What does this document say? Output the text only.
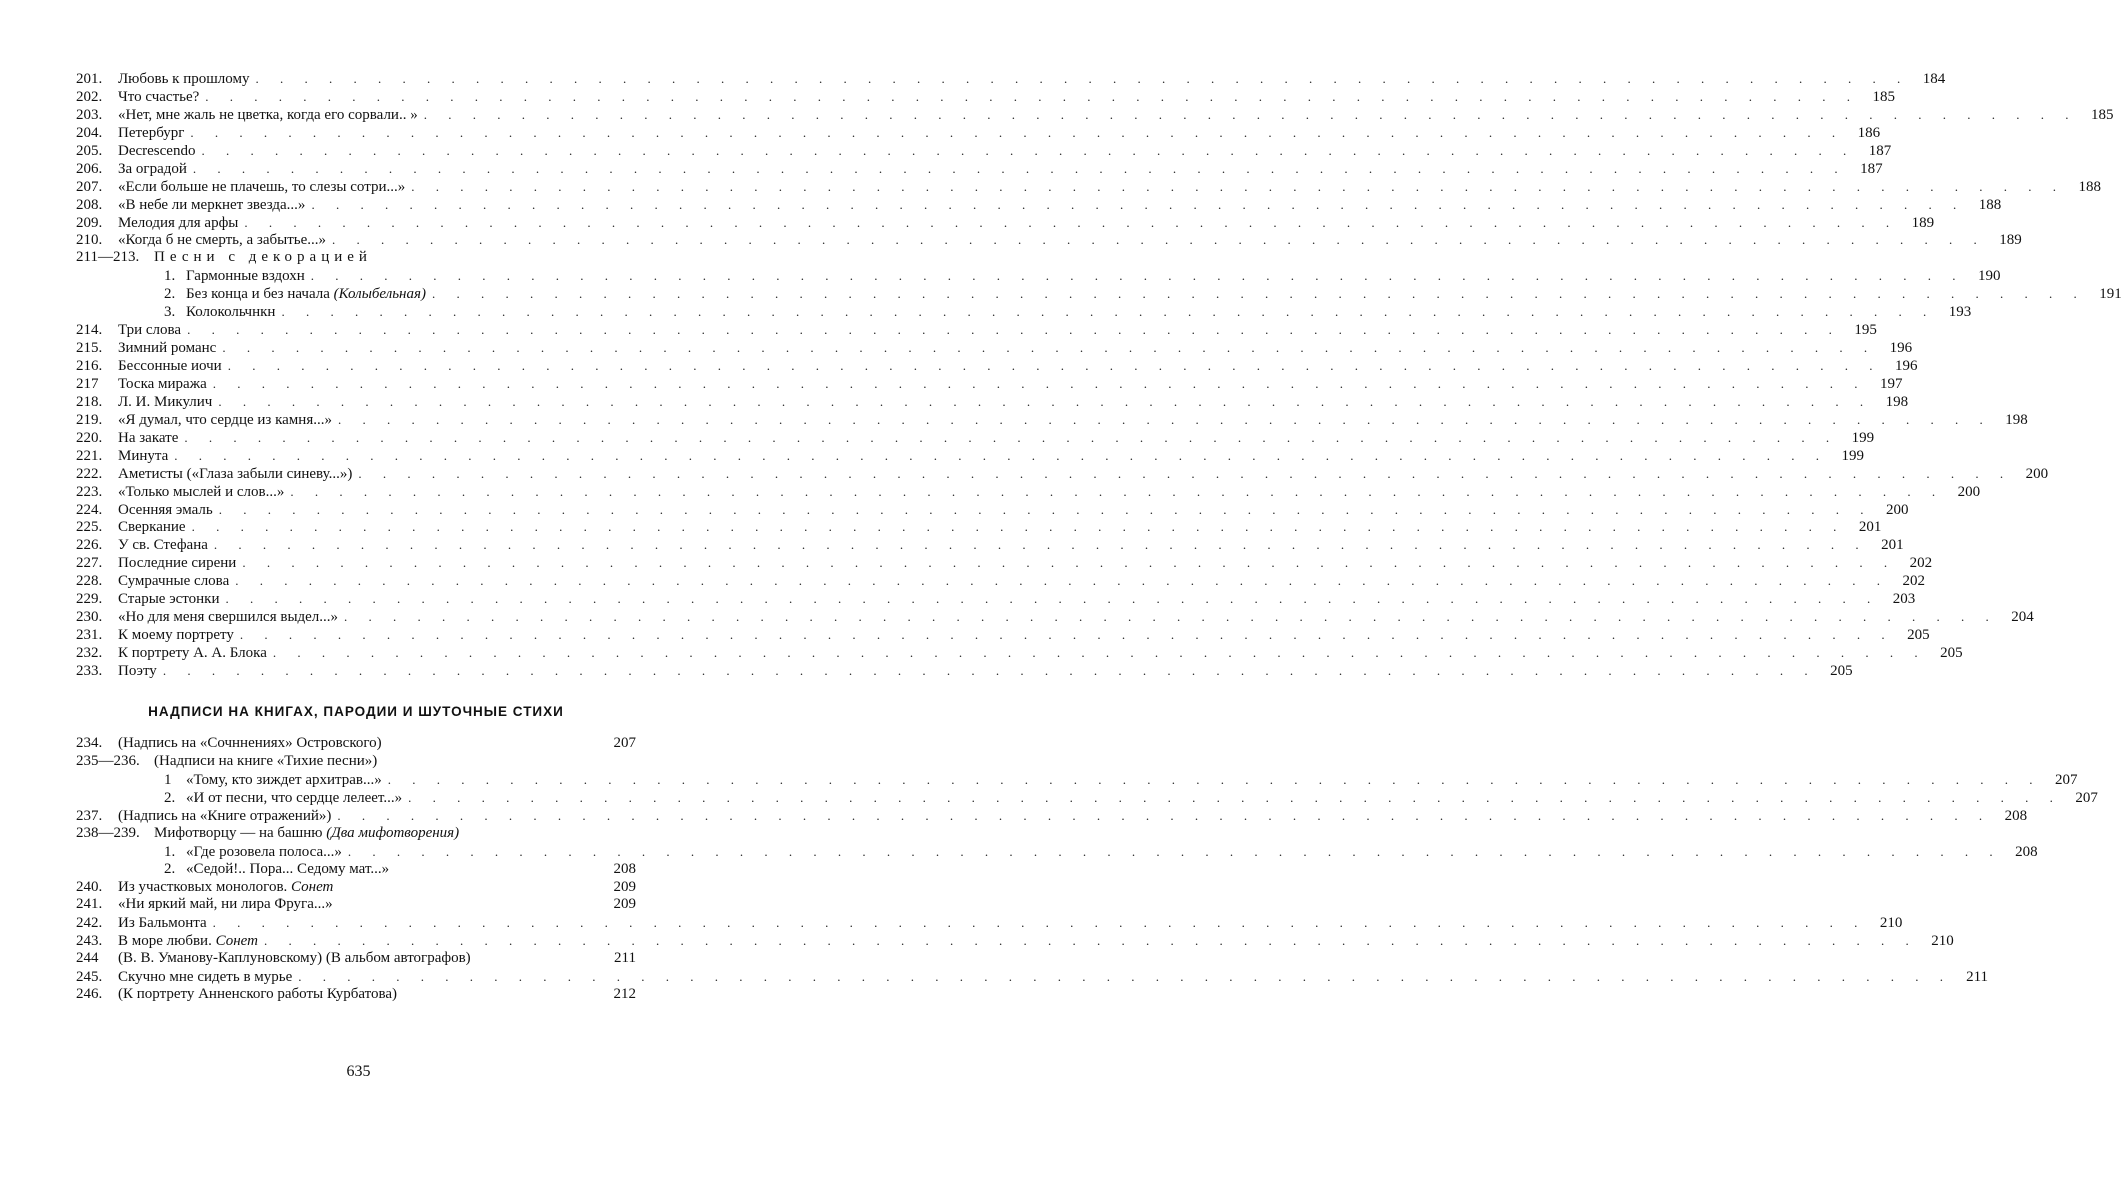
201.	Любовь к прошлому . . .	184
202.	Что счастье? . . .	185
203.	«Нет, мне жаль не цветка, когда его сорвали.. » . . .	185
204.	Петербург . . .	186
205.	Decrescendo . . .	187
206.	За оградой . . .	187
207.	«Если больше не плачешь, то слезы сотри...» . . .	188
208.	«В небе ли меркнет звезда...» . . .	188
209.	Мелодия для арфы . . .	189
210.	«Когда б не смерть, а забытье...» . . .	189
211—213. Песни с декорацией
1. Гармонные вздохн . . .	190
2. Без конца и без начала
(Колыбельная) . . .	191
3. Колокольчнкн . . .	193
214.	Три слова . . .	195
215.	Зимний романс . . .	196
216.	Бессонные иочи . . .	196
217	Тоска миража . . .	197
218.	Л. И. Микулич . . .	198
219.	«Я думал, что сердце из камня...» . . .	198
220.	На закате . . .	199
221.	Минута . . .	199
222.	Аметисты («Глаза забыли синеву...») . . .	200
223.	«Только мыслей и слов...» . . .	200
224.	Осенняя эмаль . . .	200
225.	Сверкание . . .	201
226.	У св. Стефана . . .	201
227.	Последние сирени . . .	202
228.	Сумрачные слова . . .	202
229.	Старые эстонки . . .	203
230.	«Но для меня свершился выдел...» . . .	204
231.	К моему портрету . . .	205
232.	К портрету А. А. Блока . . .	205
233.	Поэту . . .	205
НАДПИСИ НА КНИГАХ, ПАРОДИИ И ШУТОЧНЫЕ СТИХИ
234.	(Надпись на «Сочннениях» Островского)	207
235—236. (Надписи на книге «Тихие песни»)
1 «Тому, кто зиждет архитрав...» . . .	207
2. «И от песни, что сердце лелеет...» . . .	207
237.	(Надпись на «Книге отражений») . . .	208
238—239. Мифотворцу — на башню
(Два мифотворения)
1. «Где розовела полоса...» . . .	208
2. «Седой!.. Пора... Седому мат...»	208
240.	Из участковых монологов.
Сонет	209
241.	«Ни яркий май, ни лира Фруга...»	209
242.	Из Бальмонта . . .	210
243.	В море любви.
Сонет . . .	210
244	(В. В. Уманову-Каплуновскому) (В альбом автографов)	211
245.	Скучно мне сидеть в мурье . . .	211
246.	(К портрету Анненского работы Курбатова)	212
635
